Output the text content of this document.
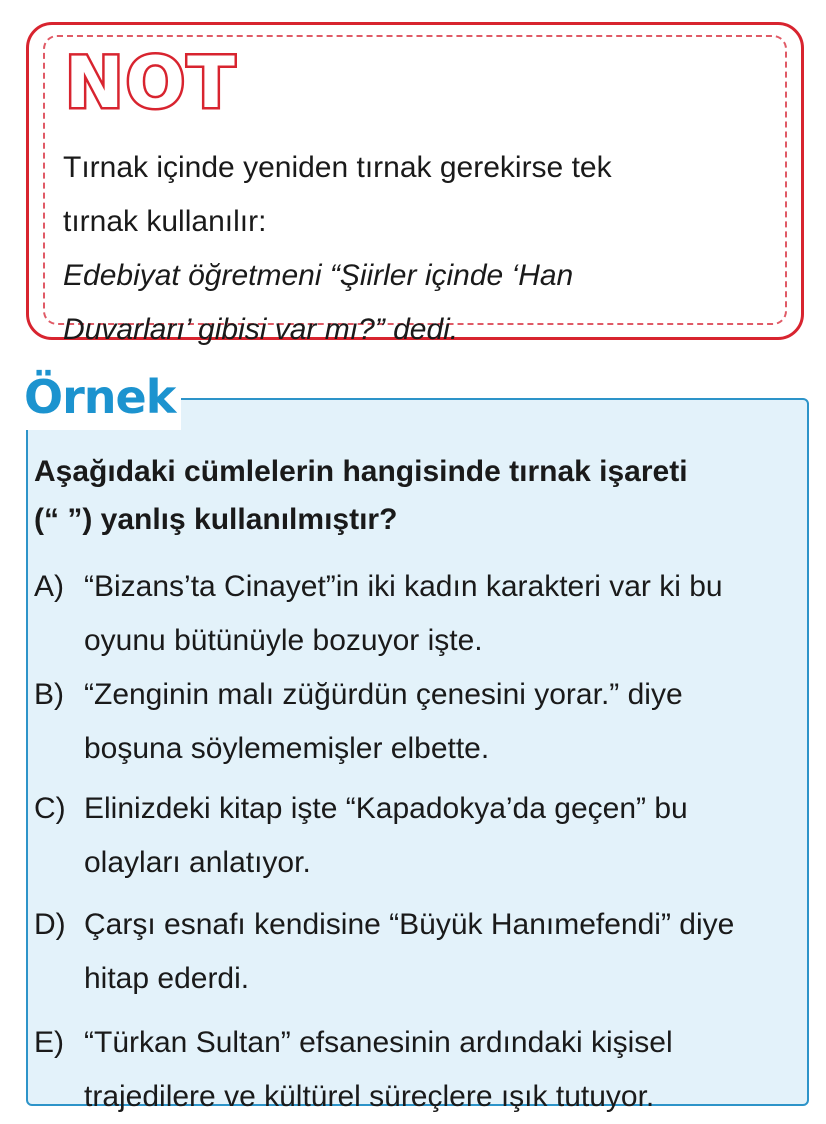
NOT
Tırnak içinde yeniden tırnak gerekirse tek
tırnak kullanılır:
Edebiyat öğretmeni “Şiirler içinde ‘Han
Duvarları’ gibisi var mı?” dedi.
Örnek
Aşağıdaki cümlelerin hangisinde tırnak işareti
(“ ”) yanlış kullanılmıştır?
A) “Bizans’ta Cinayet”in iki kadın karakteri var ki bu
oyunu bütünüyle bozuyor işte.
B) “Zenginin malı züğürdün çenesini yorar.” diye
boşuna söylememişler elbette.
C) Elinizdeki kitap işte “Kapadokya’da geçen” bu
olayları anlatıyor.
D) Çarşı esnafı kendisine “Büyük Hanımefendi” diye
hitap ederdi.
E) “Türkan Sultan” efsanesinin ardındaki kişisel
trajedilere ve kültürel süreçlere ışık tutuyor.
